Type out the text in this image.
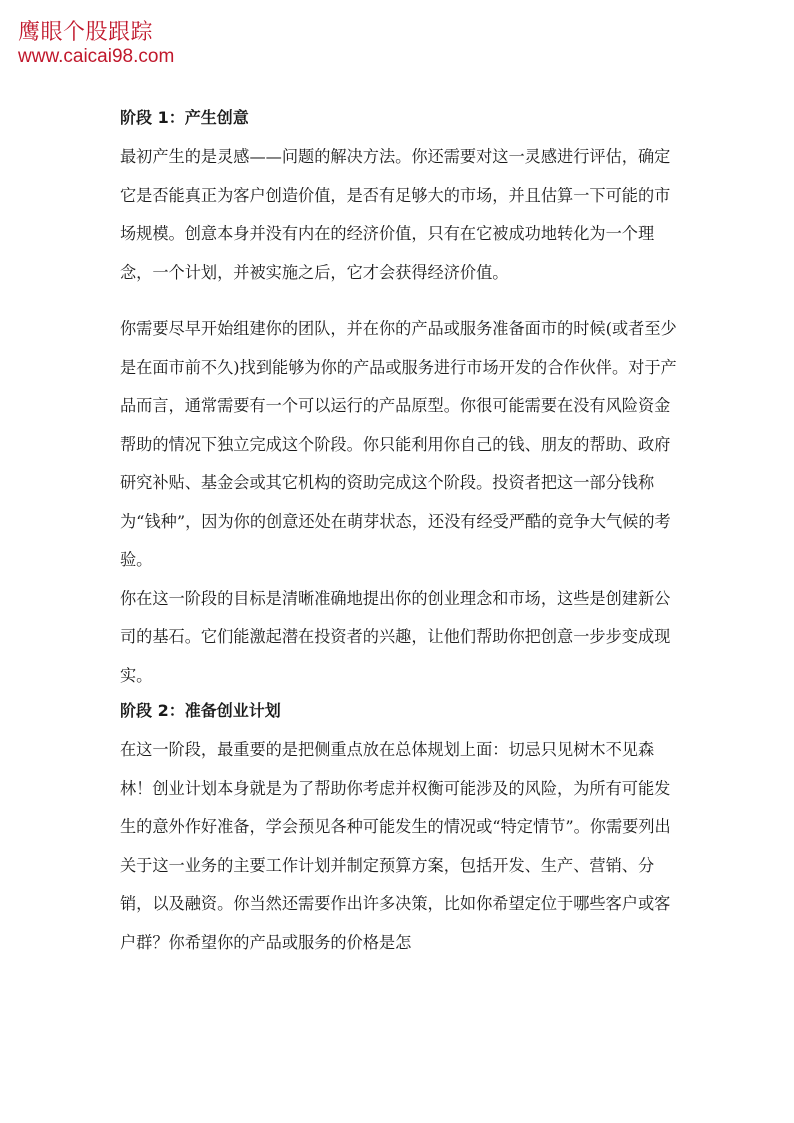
鹰眼个股跟踪
www.caicai98.com
阶段 1：产生创意

最初产生的是灵感——问题的解决方法。你还需要对这一灵感进行评估，确定它是否能真正为客户创造价值，是否有足够大的市场，并且估算一下可能的市场规模。创意本身并没有内在的经济价值，只有在它被成功地转化为一个理念，一个计划，并被实施之后，它才会获得经济价值。

你需要尽早开始组建你的团队，并在你的产品或服务准备面市的时候(或者至少是在面市前不久)找到能够为你的产品或服务进行市场开发的合作伙伴。对于产品而言，通常需要有一个可以运行的产品原型。你很可能需要在没有风险资金帮助的情况下独立完成这个阶段。你只能利用你自己的钱、朋友的帮助、政府研究补贴、基金会或其它机构的资助完成这个阶段。投资者把这一部分钱称为“钱种”，因为你的创意还处在萌芽状态，还没有经受严酷的竞争大气候的考验。

你在这一阶段的目标是清晰准确地提出你的创业理念和市场，这些是创建新公司的基石。它们能激起潜在投资者的兴趣，让他们帮助你把创意一步步变成现实。

阶段 2：准备创业计划

在这一阶段，最重要的是把侧重点放在总体规划上面：切忌只见树木不见森林！创业计划本身就是为了帮助你考虑并权衡可能涉及的风险，为所有可能发生的意外作好准备，学会预见各种可能发生的情况或“特定情节”。你需要列出关于这一业务的主要工作计划并制定预算方案，包括开发、生产、营销、分销，以及融资。你当然还需要作出许多决策，比如你希望定位于哪些客户或客户群？你希望你的产品或服务的价格是怎
